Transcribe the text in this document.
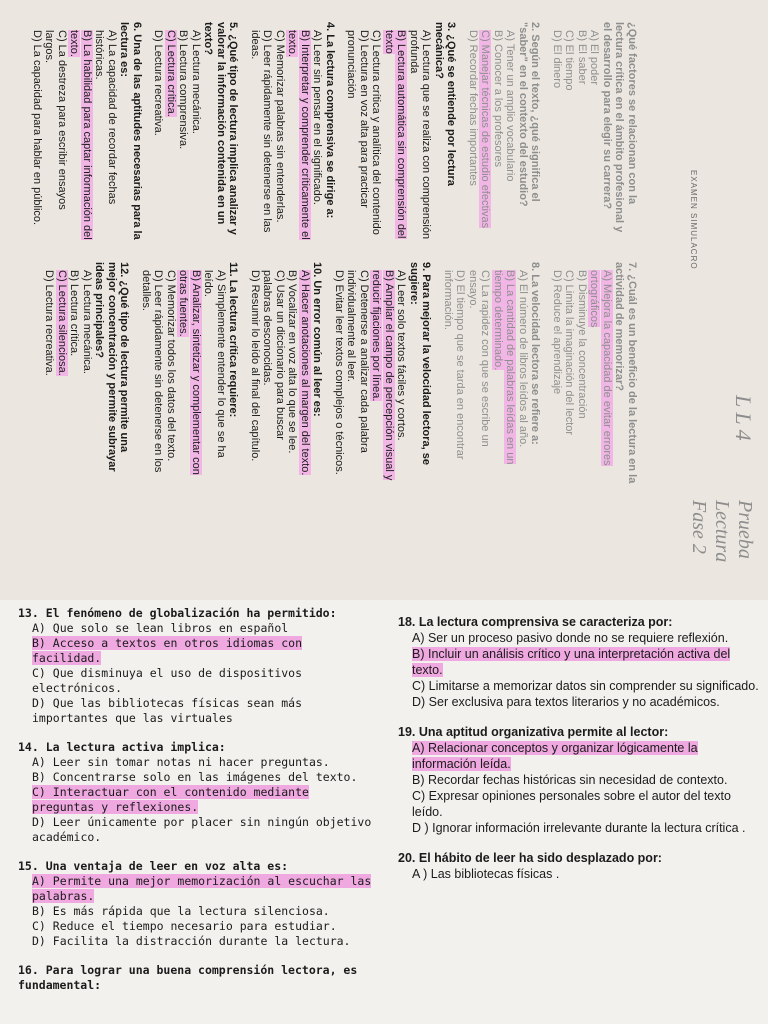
EXAMEN SIMULACRO
L L 4
Prueba Lectura Fase 2
¿Qué factores se relacionan con la lectura crítica en el ámbito profesional y el desarrollo para elegir su carrera?
A) El poder
B) El saber
C) El tiempo
D) El dinero
2. Según el texto, ¿qué significa el "saber" en el contexto del estudio?
A) Tener un amplio vocabulario
B) Conocer a los profesores
C) Manejar técnicas de estudio efectivas
D) Recordar fechas importantes
3. ¿Qué se entiende por lectura mecánica?
A) Lectura que se realiza con comprensión profunda
B) Lectura automática sin comprensión del texto
C) Lectura crítica y analítica del contenido
D) Lectura en voz alta para practicar pronunciación
4. La lectura comprensiva se dirige a:
A) Leer sin pensar en el significado.
B) Interpretar y comprender críticamente el texto.
C) Memorizar palabras sin entenderlas.
D) Leer rápidamente sin detenerse en las ideas.
5. ¿Qué tipo de lectura implica analizar y valorar la información contenida en un texto?
A) Lectura mecánica.
B) Lectura comprensiva.
C) Lectura crítica.
D) Lectura recreativa.
6. Una de las aptitudes necesarias para la lectura es:
A) La capacidad de recordar fechas históricas.
B) La habilidad para captar información del texto.
C) La destreza para escribir ensayos largos.
D) La capacidad para hablar en público.
7. ¿Cuál es un beneficio de la lectura en la actividad de memorizar?
A) Mejora la capacidad de evitar errores ortográficos
B) Disminuye la concentración
C) Limita la imaginación del lector
D) Reduce el aprendizaje
8. La velocidad lectora se refiere a:
A) El número de libros leídos al año.
B) La cantidad de palabras leídas en un tiempo determinado.
C) La rapidez con que se escribe un ensayo.
D) El tiempo que se tarda en encontrar información.
9. Para mejorar la velocidad lectora, se sugiere:
A) Leer solo textos fáciles y cortos.
B) Ampliar el campo de percepción visual y reducir fijaciones por línea.
C) Detenerse a analizar cada palabra individualmente al leer.
D) Evitar leer textos complejos o técnicos.
10. Un error común al leer es:
A) Hacer anotaciones al margen del texto.
B) Vocalizar en voz alta lo que se lee.
C) Usar un diccionario para buscar palabras desconocidas.
D) Resumir lo leído al final del capítulo.
11. La lectura crítica requiere:
A) Simplemente entender lo que se ha leído.
B) Analizar, sintetizar y complementar con otras fuentes.
C) Memorizar todos los datos del texto.
D) Leer rápidamente sin detenerse en los detalles.
12. ¿Qué tipo de lectura permite una mejor concentración y permite subrayar ideas principales?
A) Lectura mecánica.
B) Lectura crítica.
C) Lectura silenciosa.
D) Lectura recreativa.
13. El fenómeno de globalización ha permitido:
A) Que solo se lean libros en español
B) Acceso a textos en otros idiomas con facilidad.
C) Que disminuya el uso de dispositivos electrónicos.
D) Que las bibliotecas físicas sean más importantes que las virtuales
14. La lectura activa implica:
A) Leer sin tomar notas ni hacer preguntas.
B) Concentrarse solo en las imágenes del texto.
C) Interactuar con el contenido mediante preguntas y reflexiones.
D) Leer únicamente por placer sin ningún objetivo académico.
15. Una ventaja de leer en voz alta es:
A) Permite una mejor memorización al escuchar las palabras.
B) Es más rápida que la lectura silenciosa.
C) Reduce el tiempo necesario para estudiar.
D) Facilita la distracción durante la lectura.
16. Para lograr una buena comprensión lectora, es fundamental:
18. La lectura comprensiva se caracteriza por:
A) Ser un proceso pasivo donde no se requiere reflexión.
B) Incluir un análisis crítico y una interpretación activa del texto.
C) Limitarse a memorizar datos sin comprender su significado.
D) Ser exclusiva para textos literarios y no académicos.
19. Una aptitud organizativa permite al lector:
A) Relacionar conceptos y organizar lógicamente la información leída.
B) Recordar fechas históricas sin necesidad de contexto.
C) Expresar opiniones personales sobre el autor del texto leído.
D ) Ignorar información irrelevante durante la lectura crítica .
20. El hábito de leer ha sido desplazado por:
A ) Las bibliotecas físicas .
